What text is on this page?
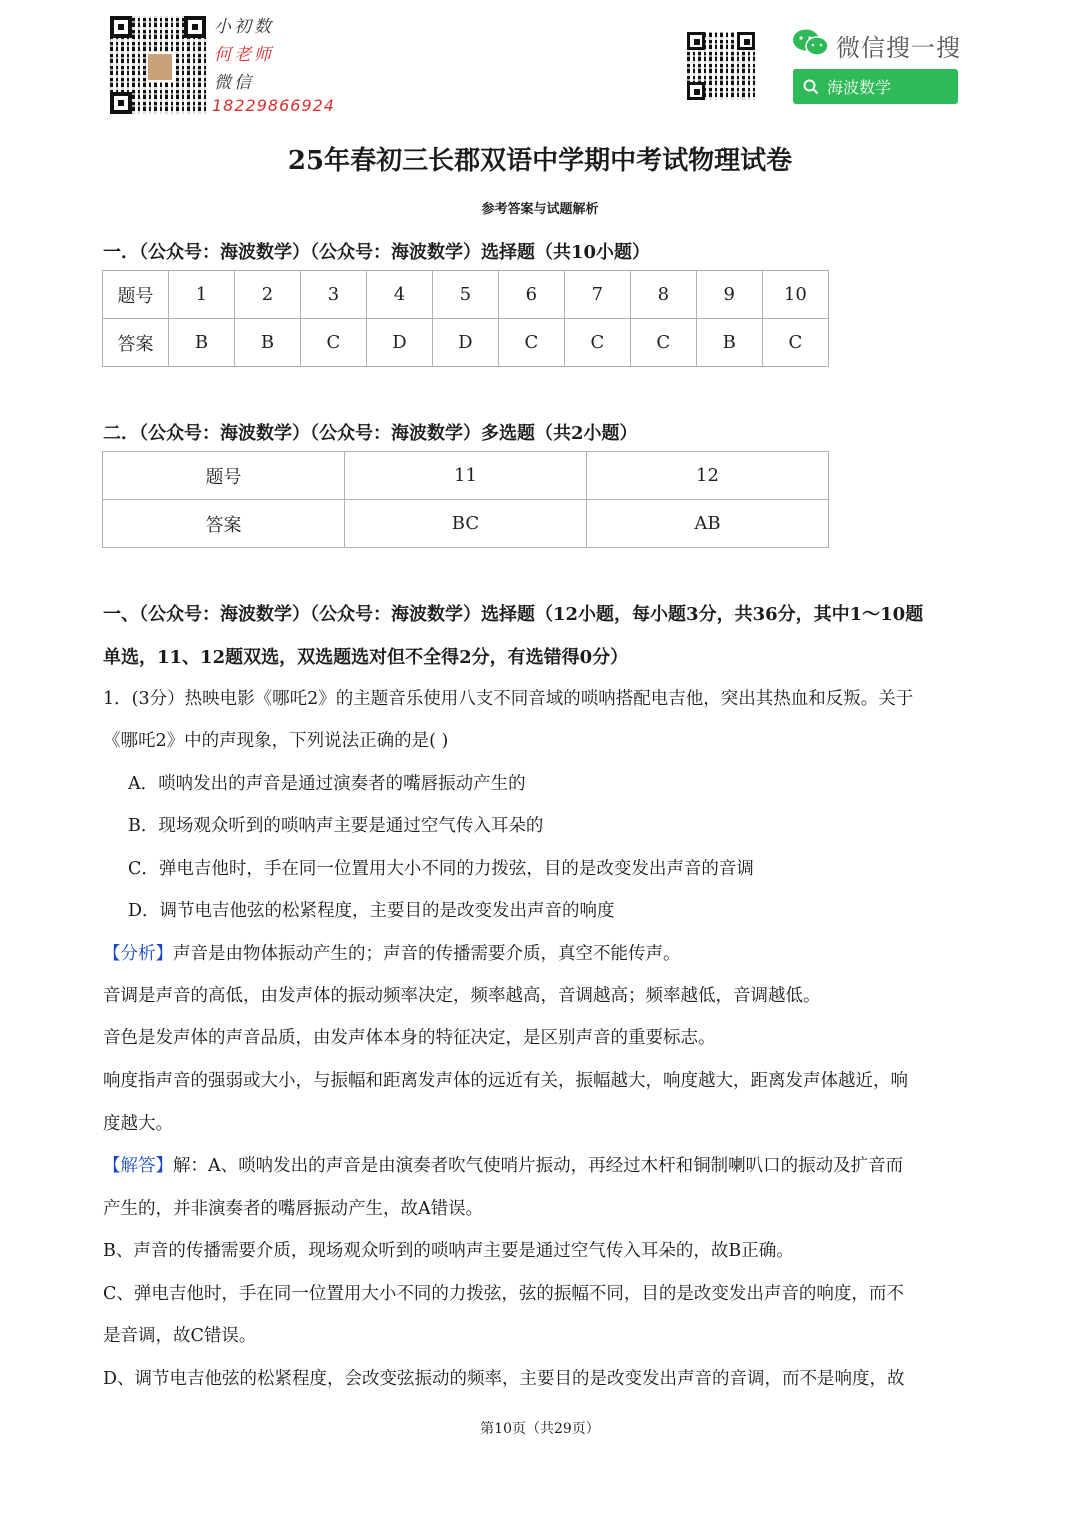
小初数
何老师
微信
18229866924
微信搜一搜
海波数学
25年春初三长郡双语中学期中考试物理试卷
参考答案与试题解析
一．（公众号：海波数学）（公众号：海波数学）选择题（共10小题）
题号	1	2	3	4	5	6	7	8	9	10
答案	B	B	C	D	D	C	C	C	B	C
二．（公众号：海波数学）（公众号：海波数学）多选题（共2小题）
题号	11	12
答案	BC	AB
一、（公众号：海波数学）（公众号：海波数学）选择题（12小题，每小题3分，共36分，其中1～10题
单选，11、12题双选，双选题选对但不全得2分，有选错得0分）
1．(3分）热映电影《哪吒2》的主题音乐使用八支不同音域的唢呐搭配电吉他，突出其热血和反叛。关于
《哪吒2》中的声现象，下列说法正确的是( )
A．唢呐发出的声音是通过演奏者的嘴唇振动产生的
B．现场观众听到的唢呐声主要是通过空气传入耳朵的
C．弹电吉他时，手在同一位置用大小不同的力拨弦，目的是改变发出声音的音调
D．调节电吉他弦的松紧程度，主要目的是改变发出声音的响度
【分析】声音是由物体振动产生的；声音的传播需要介质，真空不能传声。
音调是声音的高低，由发声体的振动频率决定，频率越高，音调越高；频率越低，音调越低。
音色是发声体的声音品质，由发声体本身的特征决定，是区别声音的重要标志。
响度指声音的强弱或大小，与振幅和距离发声体的远近有关，振幅越大，响度越大，距离发声体越近，响
度越大。
【解答】解：A、唢呐发出的声音是由演奏者吹气使哨片振动，再经过木杆和铜制喇叭口的振动及扩音而
产生的，并非演奏者的嘴唇振动产生，故A错误。
B、声音的传播需要介质，现场观众听到的唢呐声主要是通过空气传入耳朵的，故B正确。
C、弹电吉他时，手在同一位置用大小不同的力拨弦，弦的振幅不同，目的是改变发出声音的响度，而不
是音调，故C错误。
D、调节电吉他弦的松紧程度，会改变弦振动的频率，主要目的是改变发出声音的音调，而不是响度，故
第10页（共29页）
